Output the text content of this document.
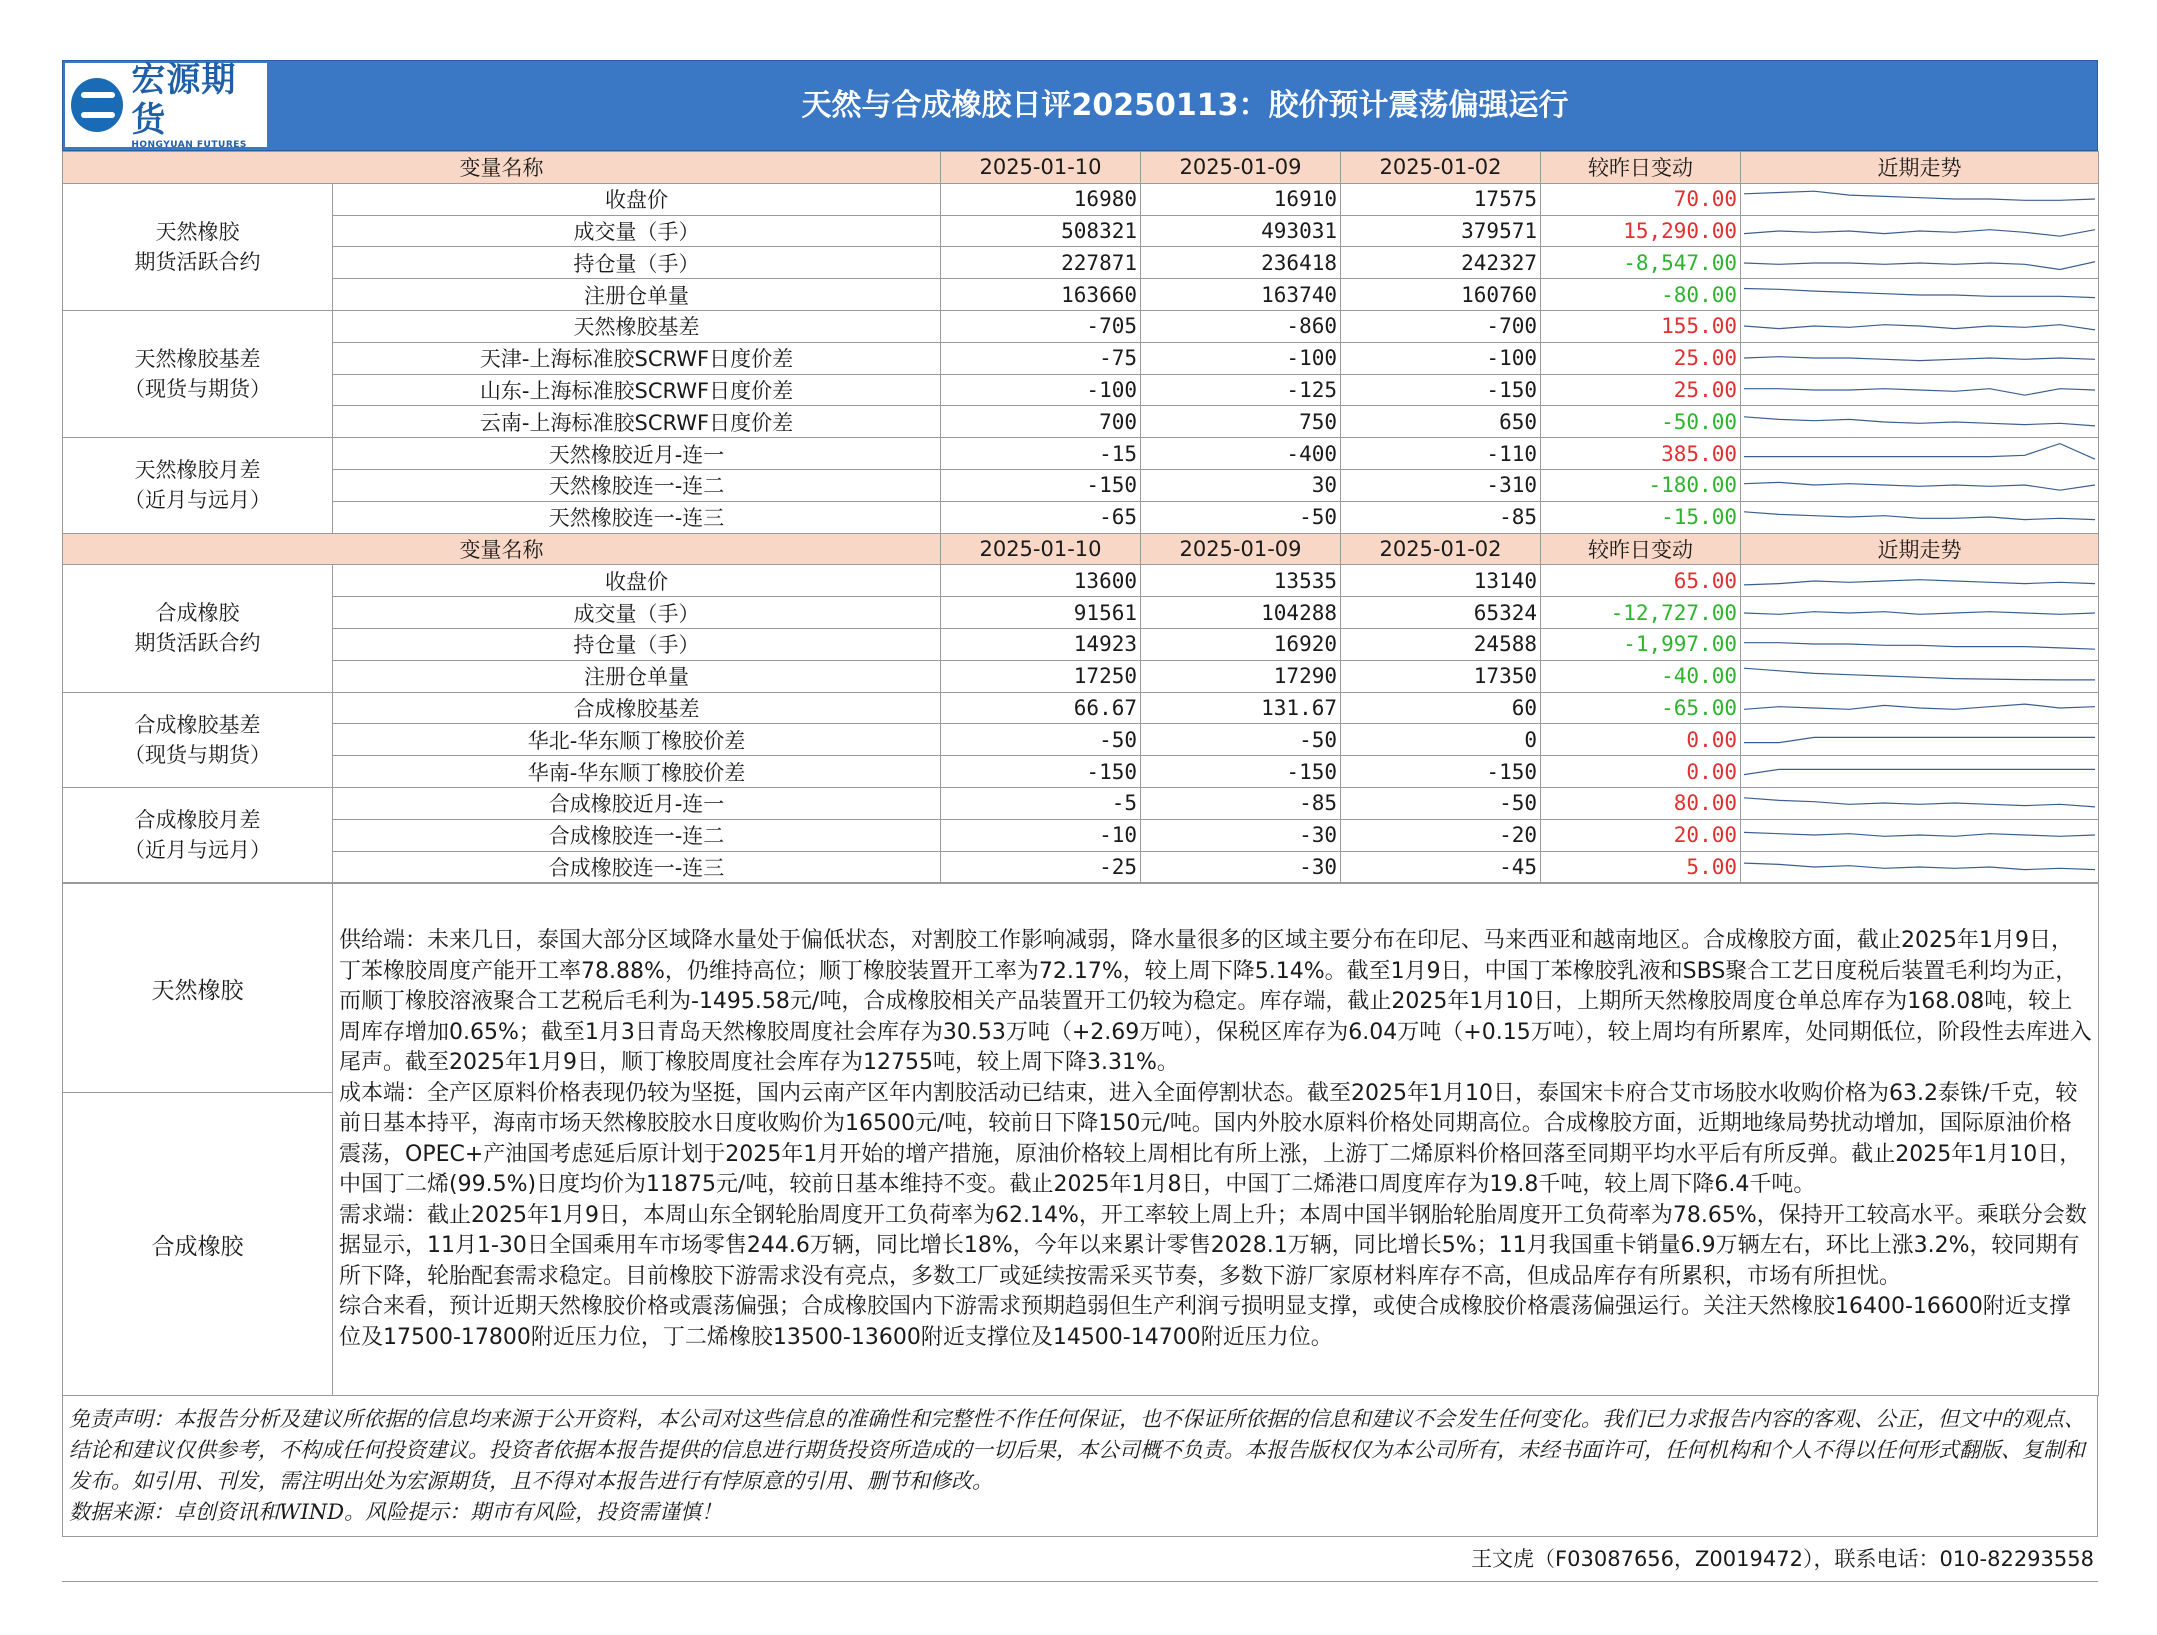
宏源期货
HONGYUAN FUTURES
天然与合成橡胶日评20250113：胶价预计震荡偏强运行
变量名称		2025-01-10	2025-01-09	2025-01-02	较昨日变动	近期走势
天然橡胶
期货活跃合约	收盘价	16980	16910	17575	70.00	

	成交量（手）	508321	493031	379571	15,290.00	

	持仓量（手）	227871	236418	242327	-8,547.00	

	注册仓单量	163660	163740	160760	-80.00	

天然橡胶基差
（现货与期货）	天然橡胶基差	-705	-860	-700	155.00	

	天津-上海标准胶SCRWF日度价差	-75	-100	-100	25.00	

	山东-上海标准胶SCRWF日度价差	-100	-125	-150	25.00	

	云南-上海标准胶SCRWF日度价差	700	750	650	-50.00	

天然橡胶月差
（近月与远月）	天然橡胶近月-连一	-15	-400	-110	385.00	

	天然橡胶连一-连二	-150	30	-310	-180.00	

	天然橡胶连一-连三	-65	-50	-85	-15.00	

变量名称		2025-01-10	2025-01-09	2025-01-02	较昨日变动	近期走势
合成橡胶
期货活跃合约	收盘价	13600	13535	13140	65.00	

	成交量（手）	91561	104288	65324	-12,727.00	

	持仓量（手）	14923	16920	24588	-1,997.00	

	注册仓单量	17250	17290	17350	-40.00	

合成橡胶基差
（现货与期货）	合成橡胶基差	66.67	131.67	60	-65.00	

	华北-华东顺丁橡胶价差	-50	-50	0	0.00	

	华南-华东顺丁橡胶价差	-150	-150	-150	0.00	

合成橡胶月差
（近月与远月）	合成橡胶近月-连一	-5	-85	-50	80.00	

	合成橡胶连一-连二	-10	-30	-20	20.00	

	合成橡胶连一-连三	-25	-30	-45	5.00	
天然橡胶	

供给端：未来几日，泰国大部分区域降水量处于偏低状态，对割胶工作影响减弱，降水量很多的区域主要分布在印尼、马来西亚和越南地区。合成橡胶方面，截止2025年1月9日，丁苯橡胶周度产能开工率78.88%，仍维持高位；顺丁橡胶装置开工率为72.17%，较上周下降5.14%。截至1月9日，中国丁苯橡胶乳液和SBS聚合工艺日度税后装置毛利均为正，而顺丁橡胶溶液聚合工艺税后毛利为-1495.58元/吨，合成橡胶相关产品装置开工仍较为稳定。库存端，截止2025年1月10日，上期所天然橡胶周度仓单总库存为168.08吨，较上周库存增加0.65%；截至1月3日青岛天然橡胶周度社会库存为30.53万吨（+2.69万吨），保税区库存为6.04万吨（+0.15万吨），较上周均有所累库，处同期低位，阶段性去库进入尾声。截至2025年1月9日，顺丁橡胶周度社会库存为12755吨，较上周下降3.31%。

成本端：全产区原料价格表现仍较为坚挺，国内云南产区年内割胶活动已结束，进入全面停割状态。截至2025年1月10日，泰国宋卡府合艾市场胶水收购价格为63.2泰铢/千克，较前日基本持平，海南市场天然橡胶胶水日度收购价为16500元/吨，较前日下降150元/吨。国内外胶水原料价格处同期高位。合成橡胶方面，近期地缘局势扰动增加，国际原油价格震荡，OPEC+产油国考虑延后原计划于2025年1月开始的增产措施，原油价格较上周相比有所上涨，上游丁二烯原料价格回落至同期平均水平后有所反弹。截止2025年1月10日，中国丁二烯(99.5%)日度均价为11875元/吨，较前日基本维持不变。截止2025年1月8日，中国丁二烯港口周度库存为19.8千吨，较上周下降6.4千吨。

需求端：截止2025年1月9日，本周山东全钢轮胎周度开工负荷率为62.14%，开工率较上周上升；本周中国半钢胎轮胎周度开工负荷率为78.65%，保持开工较高水平。乘联分会数据显示，11月1-30日全国乘用车市场零售244.6万辆，同比增长18%，今年以来累计零售2028.1万辆，同比增长5%；11月我国重卡销量6.9万辆左右，环比上涨3.2%，较同期有所下降，轮胎配套需求稳定。目前橡胶下游需求没有亮点，多数工厂或延续按需采买节奏，多数下游厂家原材料库存不高，但成品库存有所累积，市场有所担忧。

综合来看，预计近期天然橡胶价格或震荡偏强；合成橡胶国内下游需求预期趋弱但生产利润亏损明显支撑，或使合成橡胶价格震荡偏强运行。关注天然橡胶16400-16600附近支撑位及17500-17800附近压力位，丁二烯橡胶13500-13600附近支撑位及14500-14700附近压力位。

合成橡胶
免责声明：本报告分析及建议所依据的信息均来源于公开资料，本公司对这些信息的准确性和完整性不作任何保证，也不保证所依据的信息和建议不会发生任何变化。我们已力求报告内容的客观、公正，但文中的观点、结论和建议仅供参考，不构成任何投资建议。投资者依据本报告提供的信息进行期货投资所造成的一切后果，本公司概不负责。本报告版权仅为本公司所有，未经书面许可，任何机构和个人不得以任何形式翻版、复制和发布。如引用、刊发，需注明出处为宏源期货，且不得对本报告进行有悖原意的引用、删节和修改。
数据来源：卓创资讯和WIND。风险提示：期市有风险，投资需谨慎！
王文虎（F03087656，Z0019472），联系电话：010-82293558
